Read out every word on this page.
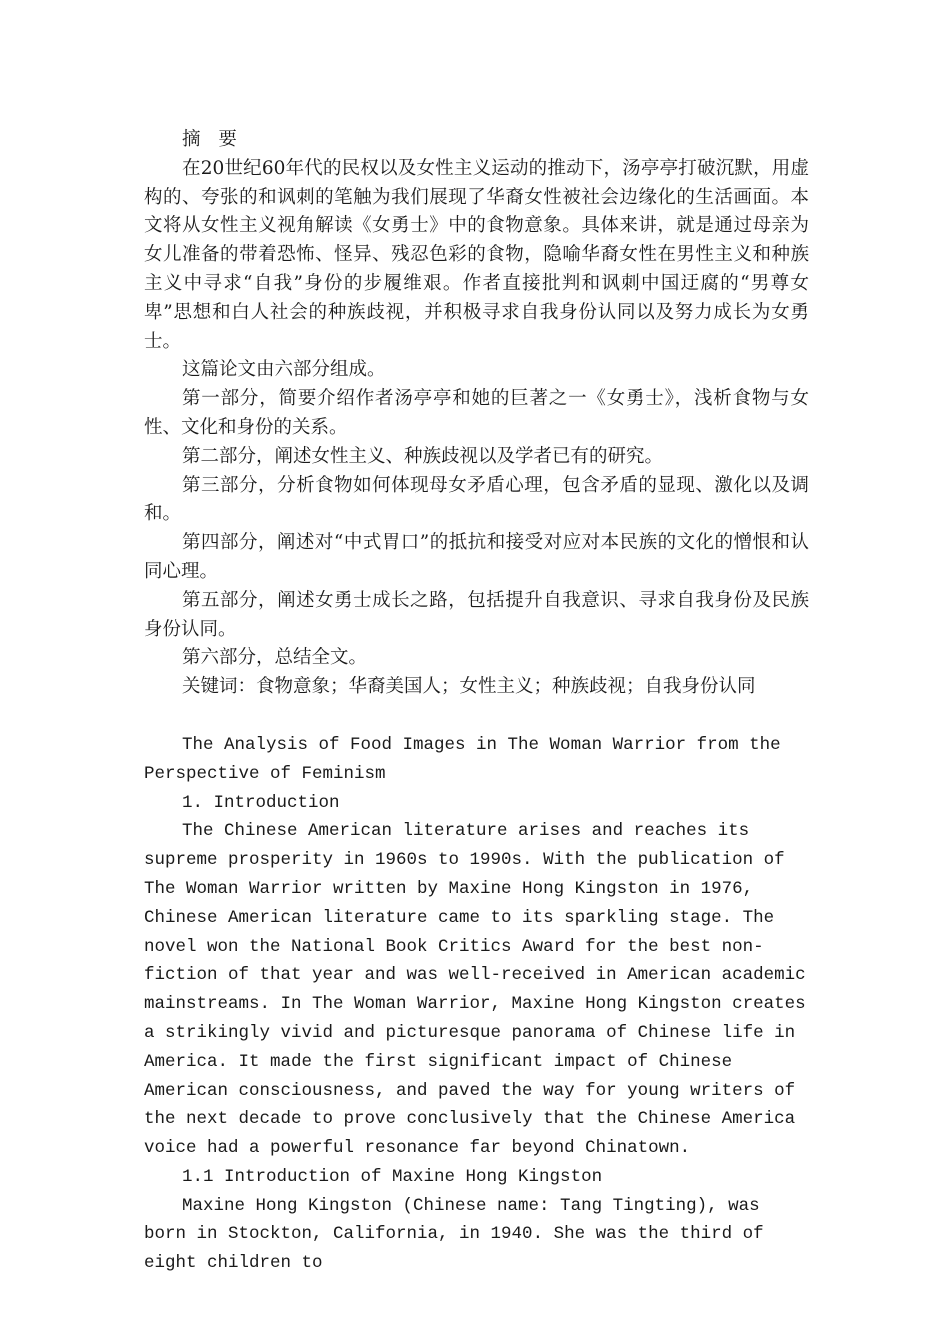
摘 要

在20世纪60年代的民权以及女性主义运动的推动下，汤亭亭打破沉默，用虚构的、夸张的和讽刺的笔触为我们展现了华裔女性被社会边缘化的生活画面。本文将从女性主义视角解读《女勇士》中的食物意象。具体来讲，就是通过母亲为女儿准备的带着恐怖、怪异、残忍色彩的食物，隐喻华裔女性在男性主义和种族主义中寻求“自我”身份的步履维艰。作者直接批判和讽刺中国迂腐的“男尊女卑”思想和白人社会的种族歧视，并积极寻求自我身份认同以及努力成长为女勇士。

这篇论文由六部分组成。

第一部分，简要介绍作者汤亭亭和她的巨著之一《女勇士》，浅析食物与女性、文化和身份的关系。

第二部分，阐述女性主义、种族歧视以及学者已有的研究。

第三部分，分析食物如何体现母女矛盾心理，包含矛盾的显现、激化以及调和。

第四部分，阐述对“中式胃口”的抵抗和接受对应对本民族的文化的憎恨和认同心理。

第五部分，阐述女勇士成长之路，包括提升自我意识、寻求自我身份及民族身份认同。

第六部分，总结全文。

关键词：食物意象；华裔美国人；女性主义；种族歧视；自我身份认同

The Analysis of Food Images in The Woman Warrior from the Perspective of Feminism

1. Introduction

The Chinese American literature arises and reaches its supreme prosperity in 1960s to 1990s. With the publication of The Woman Warrior written by Maxine Hong Kingston in 1976, Chinese American literature came to its sparkling stage. The novel won the National Book Critics Award for the best non-fiction of that year and was well-received in American academic mainstreams. In The Woman Warrior, Maxine Hong Kingston creates a strikingly vivid and picturesque panorama of Chinese life in America. It made the first significant impact of Chinese American consciousness, and paved the way for young writers of the next decade to prove conclusively that the Chinese America voice had a powerful resonance far beyond Chinatown.

1.1 Introduction of Maxine Hong Kingston

Maxine Hong Kingston (Chinese name: Tang Tingting), was born in Stockton, California, in 1940. She was the third of eight children to
